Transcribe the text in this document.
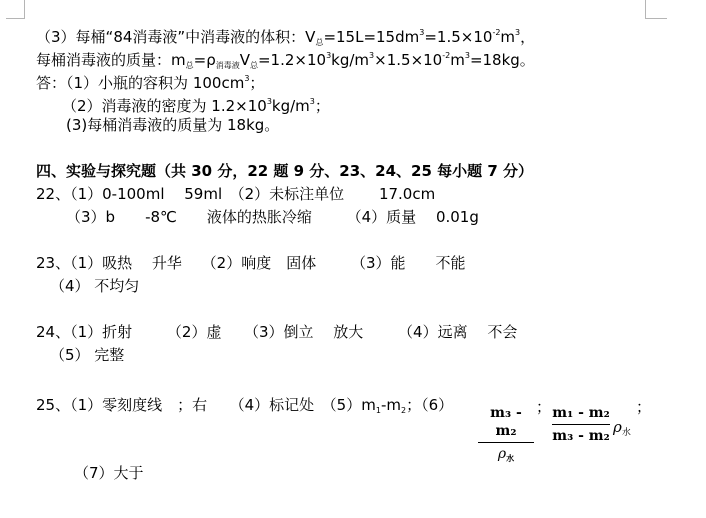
（3）每桶“84消毒液”中消毒液的体积：$V_总=15L=15dm^3=1.5\times 10^{-2}m^3$，
每桶消毒液的质量：$m_总=\rho_{消毒液}V_总=1.2\times 10^3kg/m^3\times 1.5\times 10^{-2}m^3=18kg$。
答：（1）小瓶的容积为 $100cm^3$；
（2）消毒液的密度为 $1.2\times 10^3kg/m^3$；
(3)每桶消毒液的质量为 18kg。
四、实验与探究题（共 30 分，22 题 9 分、23、24、25 每小题 7 分）
22、（1）0-100ml　 59ml　（2）未标注单位　　 17.0cm
（3）b　　-8℃　　液体的热胀冷缩　　 （4）质量　 0.01g
23、（1）吸热　 升华　 （2）响度　固体　　 （3）能　　不能
（4） 不均匀
24、（1）折射　　 （2）虚　　（3）倒立　 放大　　 （4）远离　 不会
（5） 完整
25、（1）零刻度线　；右　　（4）标记处　$(5)m_1-m_2$；（6）	m₃ - m₂
$\rho_水$
； m₁ - m₂
m₃ - m₂ $\rho_水$
；
（7）大于
